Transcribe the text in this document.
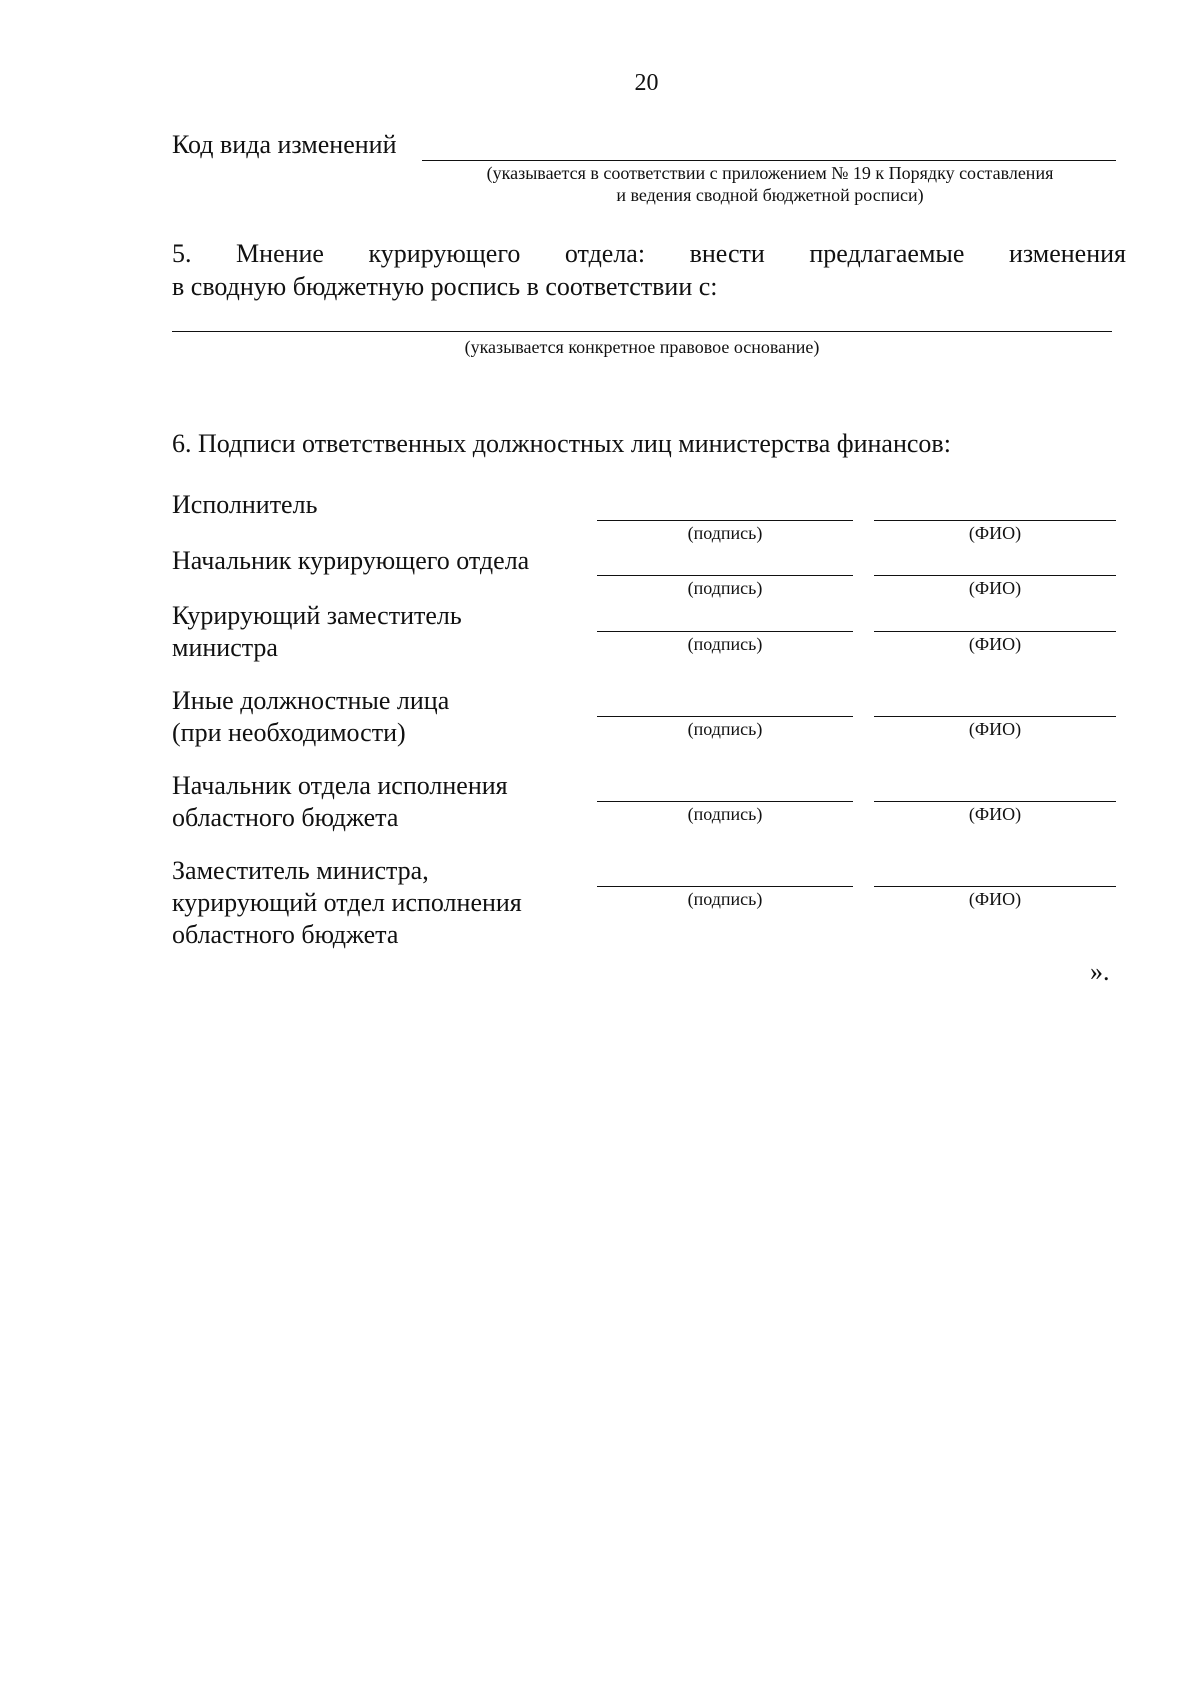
20
Код вида изменений
(указывается в соответствии с приложением № 19 к Порядку составления
и ведения сводной бюджетной росписи)
5. Мнение курирующего отдела: внести предлагаемые изменения
в сводную бюджетную роспись в соответствии с:
(указывается конкретное правовое основание)
6. Подписи ответственных должностных лиц министерства финансов:
Исполнитель
(подпись)	(ФИО)
Начальник курирующего отдела
(подпись)	(ФИО)
Курирующий заместитель
министра	(подпись)	(ФИО)
Иные должностные лица
(при необходимости)	(подпись)	(ФИО)
Начальник отдела исполнения
областного бюджета	(подпись)	(ФИО)
Заместитель министра,
курирующий отдел исполнения
областного бюджета
(подпись)	(ФИО)
».
